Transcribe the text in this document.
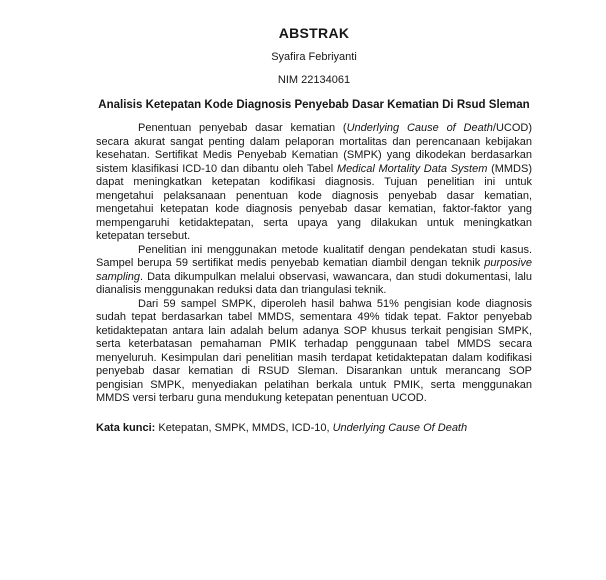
ABSTRAK
Syafira Febriyanti
NIM 22134061
Analisis Ketepatan Kode Diagnosis Penyebab Dasar Kematian Di Rsud Sleman

Penentuan penyebab dasar kematian (Underlying Cause of Death/UCOD) secara akurat sangat penting dalam pelaporan mortalitas dan perencanaan kebijakan kesehatan. Sertifikat Medis Penyebab Kematian (SMPK) yang dikodekan berdasarkan sistem klasifikasi ICD-10 dan dibantu oleh Tabel Medical Mortality Data System (MMDS) dapat meningkatkan ketepatan kodifikasi diagnosis. Tujuan penelitian ini untuk mengetahui pelaksanaan penentuan kode diagnosis penyebab dasar kematian, mengetahui ketepatan kode diagnosis penyebab dasar kematian, faktor-faktor yang mempengaruhi ketidaktepatan, serta upaya yang dilakukan untuk meningkatkan ketepatan tersebut.

Penelitian ini menggunakan metode kualitatif dengan pendekatan studi kasus. Sampel berupa 59 sertifikat medis penyebab kematian diambil dengan teknik purposive sampling. Data dikumpulkan melalui observasi, wawancara, dan studi dokumentasi, lalu dianalisis menggunakan reduksi data dan triangulasi teknik.

Dari 59 sampel SMPK, diperoleh hasil bahwa 51% pengisian kode diagnosis sudah tepat berdasarkan tabel MMDS, sementara 49% tidak tepat. Faktor penyebab ketidaktepatan antara lain adalah belum adanya SOP khusus terkait pengisian SMPK, serta keterbatasan pemahaman PMIK terhadap penggunaan tabel MMDS secara menyeluruh. Kesimpulan dari penelitian masih terdapat ketidaktepatan dalam kodifikasi penyebab dasar kematian di RSUD Sleman. Disarankan untuk merancang SOP pengisian SMPK, menyediakan pelatihan berkala untuk PMIK, serta menggunakan MMDS versi terbaru guna mendukung ketepatan penentuan UCOD.

Kata kunci: Ketepatan, SMPK, MMDS, ICD-10, Underlying Cause Of Death
